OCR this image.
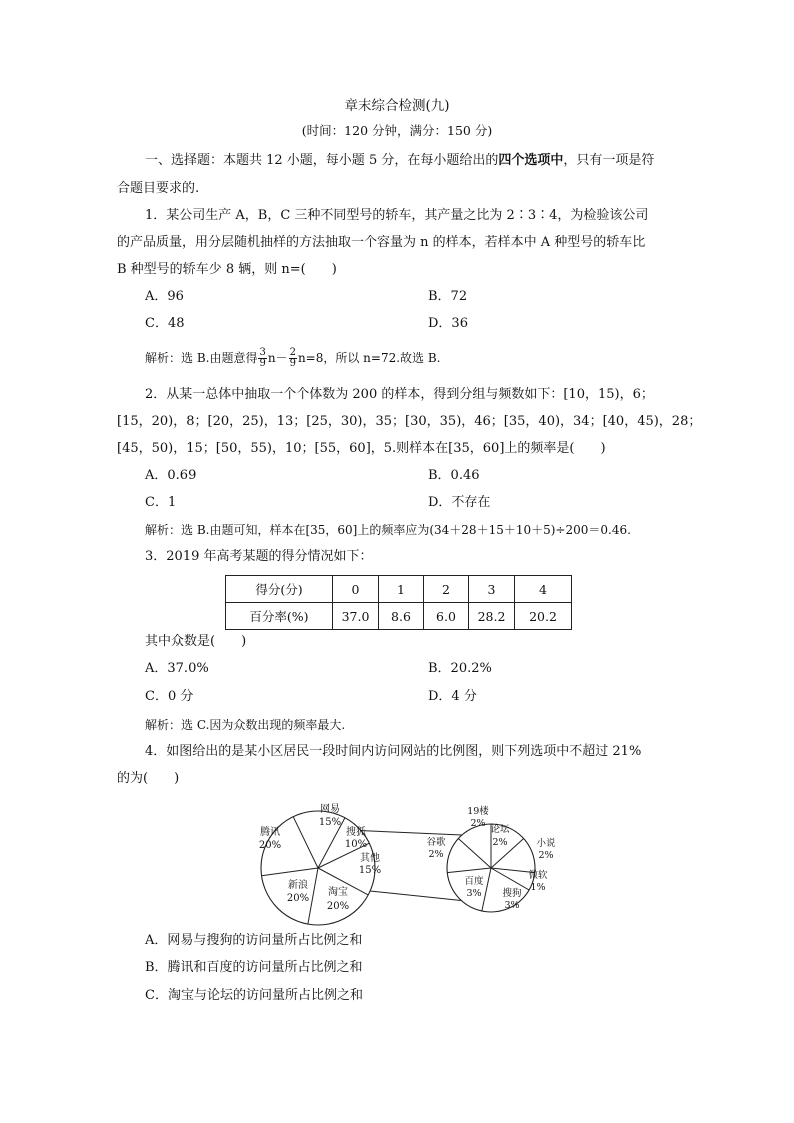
章末综合检测(九)
(时间：120 分钟，满分：150 分)
一、选择题：本题共 12 小题，每小题 5 分，在每小题给出的四个选项中，只有一项是符
合题目要求的.
1．某公司生产 A，B，C 三种不同型号的轿车，其产量之比为 2∶3∶4，为检验该公司
的产品质量，用分层随机抽样的方法抽取一个容量为 n 的样本，若样本中 A 种型号的轿车比
B 种型号的轿车少 8 辆，则 n=(　　)
A．96	B．72
C．48	D．36
解析：选 B.由题意得 $\frac{3}{9} n- \frac{2}{9} n=8$，所以 n=72.故选 B.
2．从某一总体中抽取一个个体数为 200 的样本，得到分组与频数如下：[10，15)，6；
[15，20)，8；[20，25)，13；[25，30)，35；[30，35)，46；[35，40)，34；[40，45)，28；
[45，50)，15；[50，55)，10；[55，60]，5.则样本在[35，60]上的频率是(　　)
A．0.69	B．0.46
C．1	D．不存在
解析：选 B.由题可知，样本在[35，60]上的频率应为(34＋28＋15＋10＋5)÷200＝0.46.
3．2019 年高考某题的得分情况如下：
得分(分)	0	1	2	3	4
百分率(%)	37.0	8.6	6.0	28.2	20.2
其中众数是(　　)
A．37.0%	B．20.2%
C．0 分	D．4 分
解析：选 C.因为众数出现的频率最大.
4．如图给出的是某小区居民一段时间内访问网站的比例图，则下列选项中不超过 21%
的为(　　)
网易
15%
搜狐
10%
其他
15%
淘宝
20%
新浪
20%
腾讯
20%
论坛
2%	小说
2%
微软
1%
搜狗
3%
百度
3%
谷歌
2%
19楼
2%
A．网易与搜狗的访问量所占比例之和
B．腾讯和百度的访问量所占比例之和
C．淘宝与论坛的访问量所占比例之和
